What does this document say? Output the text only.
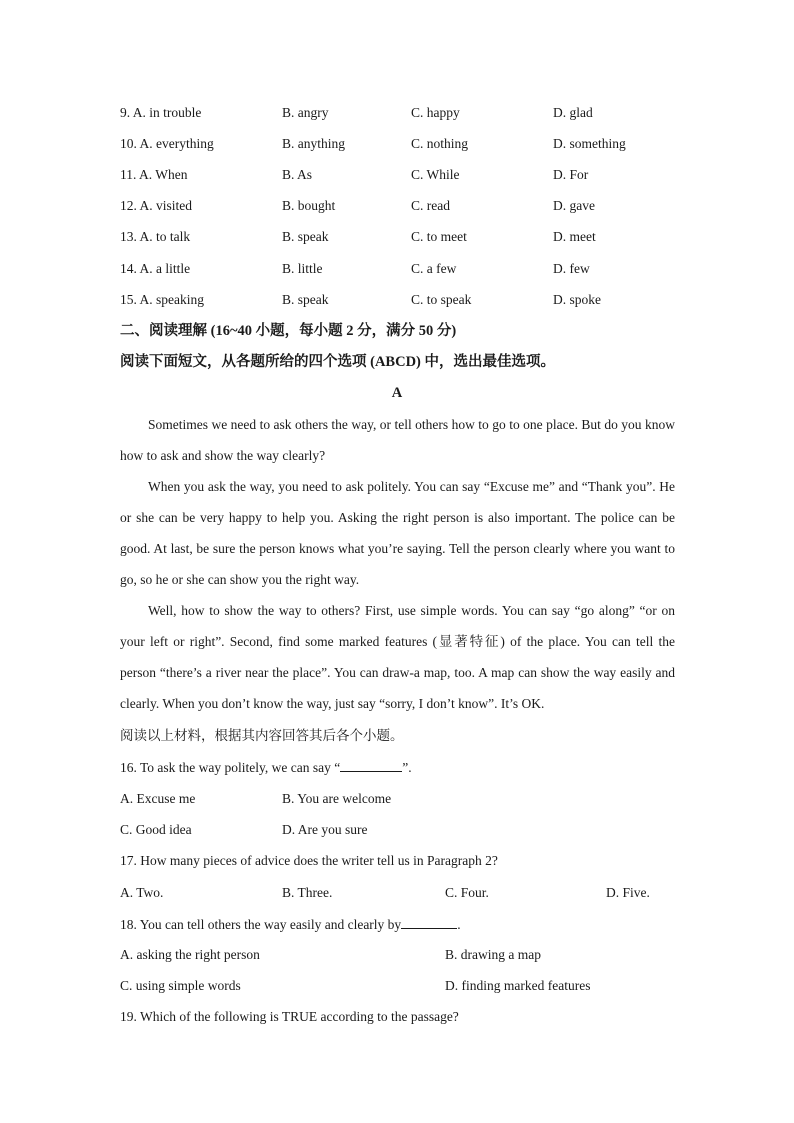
9. A. in trouble	B. angry	C. happy	D. glad
10. A. everything	B. anything	C. nothing	D. something
11. A. When	B. As	C. While	D. For
12. A. visited	B. bought	C. read	D. gave
13. A. to talk	B. speak	C. to meet	D. meet
14. A. a little	B. little	C. a few	D. few
15. A. speaking	B. speak	C. to speak	D. spoke
二、阅读理解 (16~40 小题，每小题 2 分，满分 50 分)
阅读下面短文，从各题所给的四个选项 (ABCD) 中，选出最佳选项。
A
Sometimes we need to ask others the way, or tell others how to go to one place. But do you know how to ask and show the way clearly?
When you ask the way, you need to ask politely. You can say “Excuse me” and “Thank you”. He or she can be very happy to help you. Asking the right person is also important. The police can be good. At last, be sure the person knows what you’re saying. Tell the person clearly where you want to go, so he or she can show you the right way.
Well, how to show the way to others? First, use simple words. You can say “go along” “or on your left or right”. Second, find some marked features (显著特征) of the place. You can tell the person “there’s a river near the place”. You can draw-a map, too. A map can show the way easily and clearly. When you don’t know the way, just say “sorry, I don’t know”. It’s OK.
阅读以上材料，根据其内容回答其后各个小题。
16. To ask the way politely, we can say “	”.
A. Excuse me	B. You are welcome
C. Good idea	D. Are you sure
17. How many pieces of advice does the writer tell us in Paragraph 2?
A. Two.	B. Three.	C. Four.	D. Five.
18. You can tell others the way easily and clearly by	.
A. asking the right person	B. drawing a map
C. using simple words	D. finding marked features
19. Which of the following is TRUE according to the passage?
